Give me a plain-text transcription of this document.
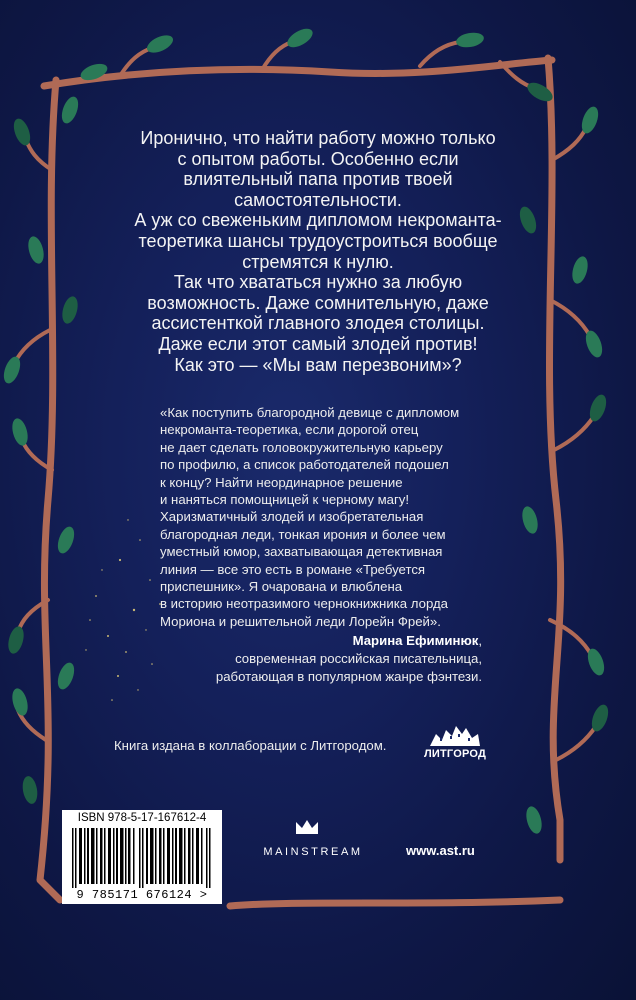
Иронично, что найти работу можно только

с опытом работы. Особенно если

влиятельный папа против твоей

самостоятельности.

А уж со свеженьким дипломом некроманта-

теоретика шансы трудоустроиться вообще

стремятся к нулю.

Так что хвататься нужно за любую

возможность. Даже сомнительную, даже

ассистенткой главного злодея столицы.

Даже если этот самый злодей против!

Как это — «Мы вам перезвоним»?

«Как поступить благородной девице с дипломом

некроманта-теоретика, если дорогой отец

не дает сделать головокружительную карьеру

по профилю, а список работодателей подошел

к концу? Найти неординарное решение

и наняться помощницей к черному магу!

Харизматичный злодей и изобретательная

благородная леди, тонкая ирония и более чем

уместный юмор, захватывающая детективная

линия — все это есть в романе «Требуется

приспешник». Я очарована и влюблена

в историю неотразимого чернокнижника лорда

Мориона и решительной леди Лорейн Фрей».

Марина Ефиминюк,
современная российская писательница,
работающая в популярном жанре фэнтези.
Книга издана в коллаборации с Литгородом.
ЛИТГОРОД
ISBN 978-5-17-167612-4
9 785171 676124 >
MAINSTREAM	www.ast.ru
